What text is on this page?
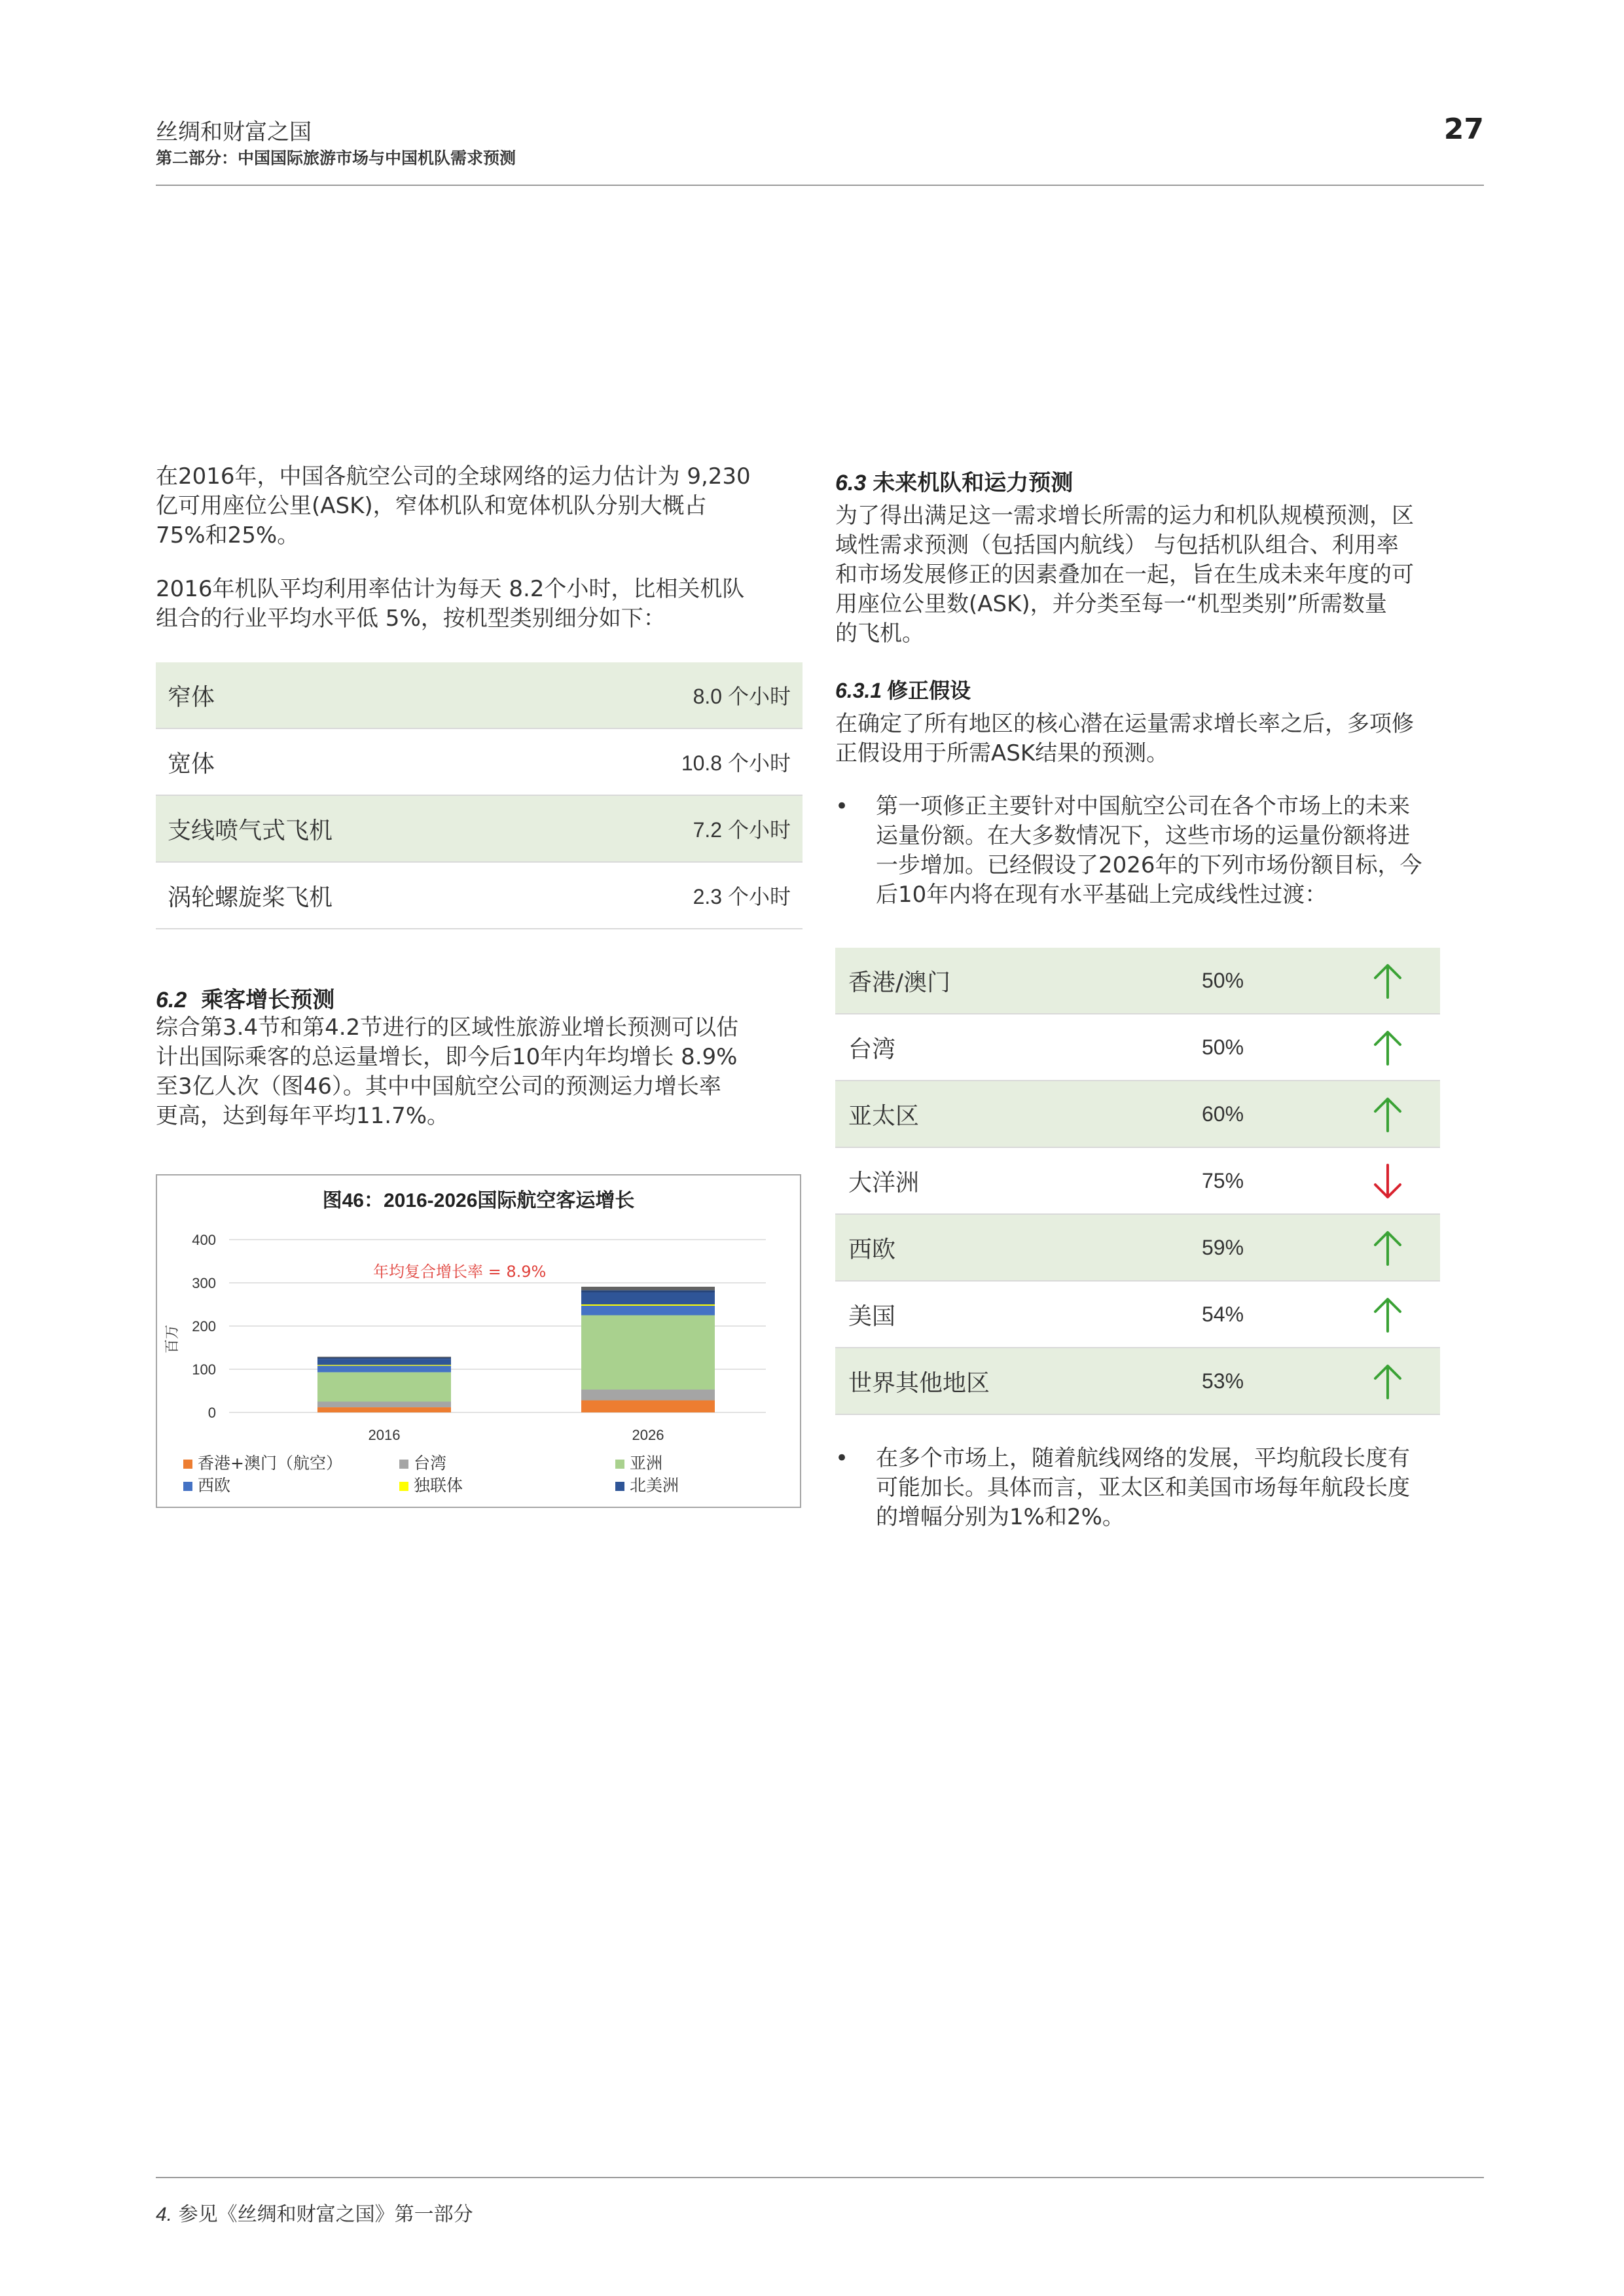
丝绸和财富之国
第二部分：中国国际旅游市场与中国机队需求预测
27
在2016年，中国各航空公司的全球网络的运力估计为 9,230
亿可用座位公里(ASK)，窄体机队和宽体机队分别大概占
75%和25%。
2016年机队平均利用率估计为每天 8.2个小时，比相关机队
组合的行业平均水平低 5%，按机型类别细分如下：
窄体	8.0 个小时
宽体	10.8 个小时
支线喷气式飞机	7.2 个小时
涡轮螺旋桨飞机	2.3 个小时
6.2 乘客增长预测
综合第3.4节和第4.2节进行的区域性旅游业增长预测可以估
计出国际乘客的总运量增长，即今后10年内年均增长 8.9%
至3亿人次（图46）。其中中国航空公司的预测运力增长率
更高，达到每年平均11.7%。
图46：2016-2026国际航空客运增长
百万
0
100
200
300
400
2016	2026
年均复合增长率 = 8.9%
香港+澳门（航空）	台湾	亚洲
西欧	独联体	北美洲
6.3 未来机队和运力预测
为了得出满足这一需求增长所需的运力和机队规模预测，区
域性需求预测（包括国内航线） 与包括机队组合、利用率
和市场发展修正的因素叠加在一起，旨在生成未来年度的可
用座位公里数(ASK)，并分类至每一“机型类别”所需数量
的飞机。
6.3.1 修正假设
在确定了所有地区的核心潜在运量需求增长率之后，多项修
正假设用于所需ASK结果的预测。
• 第一项修正主要针对中国航空公司在各个市场上的未来
运量份额。在大多数情况下，这些市场的运量份额将进
一步增加。已经假设了2026年的下列市场份额目标，今
后10年内将在现有水平基础上完成线性过渡：
香港/澳门	50%
台湾	50%
亚太区	60%
大洋洲	75%
西欧	59%
美国	54%
世界其他地区	53%
• 在多个市场上，随着航线网络的发展，平均航段长度有
可能加长。具体而言，亚太区和美国市场每年航段长度
的增幅分别为1%和2%。
4. 参见《丝绸和财富之国》第一部分
